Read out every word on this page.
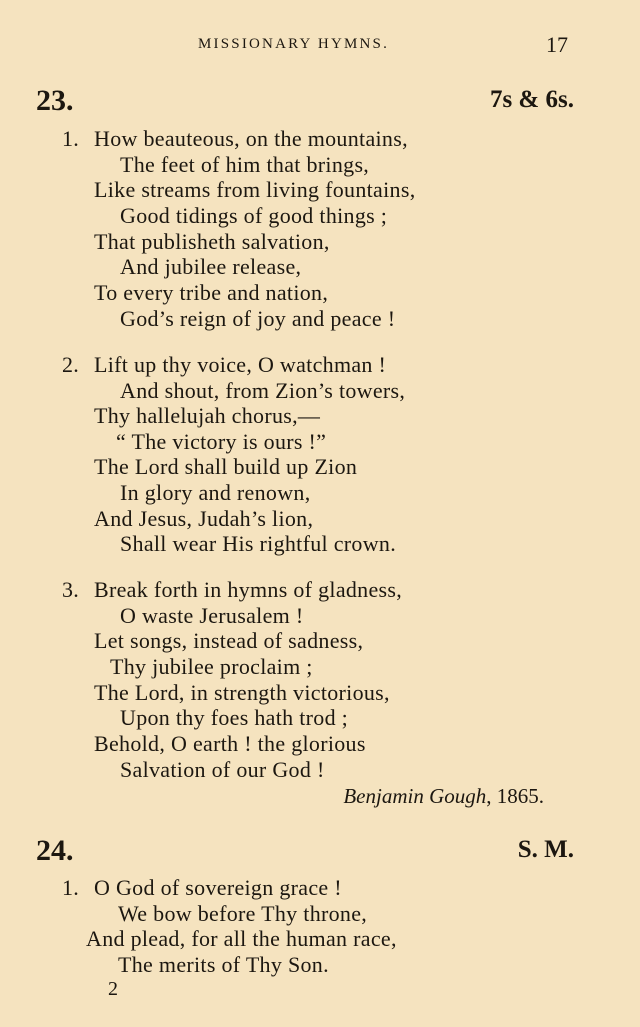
MISSIONARY HYMNS.	17
23.	7s & 6s.
1. How beauteous, on the mountains,
The feet of him that brings,
Like streams from living fountains,
Good tidings of good things ;
That publisheth salvation,
And jubilee release,
To every tribe and nation,
God’s reign of joy and peace !
2. Lift up thy voice, O watchman !
And shout, from Zion’s towers,
Thy hallelujah chorus,—
“ The victory is ours !”
The Lord shall build up Zion
In glory and renown,
And Jesus, Judah’s lion,
Shall wear His rightful crown.
3. Break forth in hymns of gladness,
O waste Jerusalem !
Let songs, instead of sadness,
Thy jubilee proclaim ;
The Lord, in strength victorious,
Upon thy foes hath trod ;
Behold, O earth ! the glorious
Salvation of our God !
Benjamin Gough, 1865.
24.	S. M.
1. O God of sovereign grace !
We bow before Thy throne,
And plead, for all the human race,
The merits of Thy Son.
2
